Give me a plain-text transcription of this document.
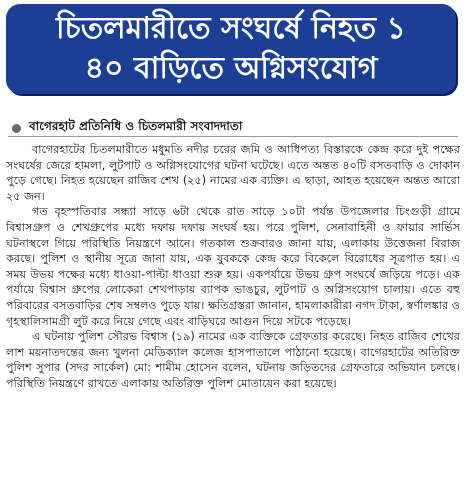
চিতলমারীতে সংঘর্ষে নিহত ১
৪০ বাড়িতে অগ্নিসংযোগ
বাগেরহাট প্রতিনিধি ও চিতলমারী সংবাদদাতা

বাগেরহাটের চিতলমারীতে মধুমতি নদীর চরের জমি ও আধিপত্য বিস্তারকে কেন্দ্র করে দুই পক্ষের সংঘর্ষের জেরে হামলা, লুটপাট ও অগ্নিসংযোগের ঘটনা ঘটেছে। এতে অন্তত ৪০টি বসতবাড়ি ও দোকান পুড়ে গেছে। নিহত হয়েছেন রাজিব শেখ (২৫) নামের এক ব্যক্তি। এ ছাড়া, আহত হয়েছেন অন্তত আরো ২৫ জন।

গত বৃহস্পতিবার সন্ধ্যা সাড়ে ৬টা থেকে রাত সাড়ে ১০টা পর্যন্ত উপজেলার চিংগুড়ী গ্রামে বিশ্বাসগ্রুপ ও শেখগ্রুপের মধ্যে দফায় দফায় সংঘর্ষ হয়। পরে পুলিশ, সেনাবাহিনী ও ফায়ার সার্ভিস ঘটনাস্থলে গিয়ে পরিস্থিতি নিয়ন্ত্রণে আনে। গতকাল শুক্রবারও জানা যায়, এলাকায় উত্তেজনা বিরাজ করছে। পুলিশ ও স্থানীয় সূত্রে জানা যায়, এক যুবককে কেন্দ্র করে বিকেলে বিরোধের সূত্রপাত হয়। এ সময় উভয় পক্ষের মধ্যে ধাওয়া-পাল্টা ধাওয়া শুরু হয়। একপর্যায়ে উভয় গ্রুপ সংঘর্ষে জড়িয়ে পড়ে। এক পর্যায়ে বিশ্বাস গ্রুপের লোকেরা শেখপাড়ায় ব্যাপক ভাঙচুর, লুটপাট ও অগ্নিসংযোগ চালায়। এতে বহু পরিবারের বসতবাড়ির শেষ সম্বলও পুড়ে যায়। ক্ষতিগ্রস্তরা জানান, হামলাকারীরা নগদ টাকা, স্বর্ণালঙ্কার ও গৃহস্থালিসামগ্রী লুট করে নিয়ে গেছে এবং বাড়িঘরে আগুন দিয়ে সটকে পড়েছে।

এ ঘটনায় পুলিশ সৌরভ বিশ্বাস (১৯) নামের এক ব্যক্তিকে গ্রেফতার করেছে। নিহত রাজিব শেখের লাশ ময়নাতদন্তের জন্য খুলনা মেডিক্যাল কলেজ হাসপাতালে পাঠানো হয়েছে। বাগেরহাটের অতিরিক্ত পুলিশ সুপার (সদর সার্কেল) মো: শামীম হোসেন বলেন, ঘটনায় জড়িতদের গ্রেফতারে অভিযান চলছে। পরিস্থিতি নিয়ন্ত্রণে রাখতে এলাকায় অতিরিক্ত পুলিশ মোতায়েন করা হয়েছে।
